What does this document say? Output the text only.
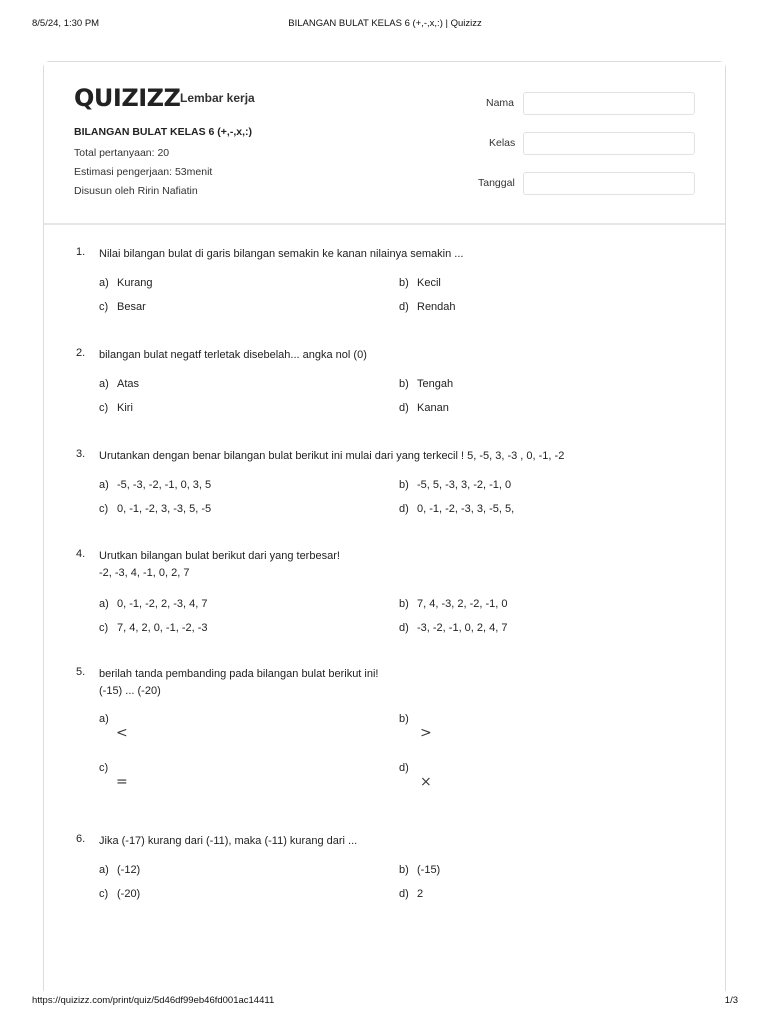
8/5/24, 1:30 PM	BILANGAN BULAT KELAS 6 (+,-,x,:) | Quizizz
QUIZIZZ Lembar kerja
BILANGAN BULAT KELAS 6 (+,-,x,:)
Total pertanyaan: 20
Estimasi pengerjaan: 53menit
Disusun oleh Ririn Nafiatin
Nama
Kelas
Tanggal
1. Nilai bilangan bulat di garis bilangan semakin ke kanan nilainya semakin ...
a) Kurang	b) Kecil
c) Besar	d) Rendah
2. bilangan bulat negatf terletak disebelah... angka nol (0)
a) Atas	b) Tengah
c) Kiri	d) Kanan
3. Urutankan dengan benar bilangan bulat berikut ini mulai dari yang terkecil ! 5, -5, 3, -3 , 0, -1, -2
a) -5, -3, -2, -1, 0, 3, 5	b) -5, 5, -3, 3, -2, -1, 0
c) 0, -1, -2, 3, -3, 5, -5	d) 0, -1, -2, -3, 3, -5, 5,
4. Urutkan bilangan bulat berikut dari yang terbesar!
-2, -3, 4, -1, 0, 2, 7
a) 0, -1, -2, 2, -3, 4, 7	b) 7, 4, -3, 2, -2, -1, 0
c) 7, 4, 2, 0, -1, -2, -3	d) -3, -2, -1, 0, 2, 4, 7
5. berilah tanda pembanding pada bilangan bulat berikut ini!
(-15) ... (-20)
a)
<
b)
>
c)
=
d)
×
6. Jika (-17) kurang dari (-11), maka (-11) kurang dari ...
a) (-12)	b) (-15)
c) (-20)	d) 2
https://quizizz.com/print/quiz/5d46df99eb46fd001ac14411	1/3
